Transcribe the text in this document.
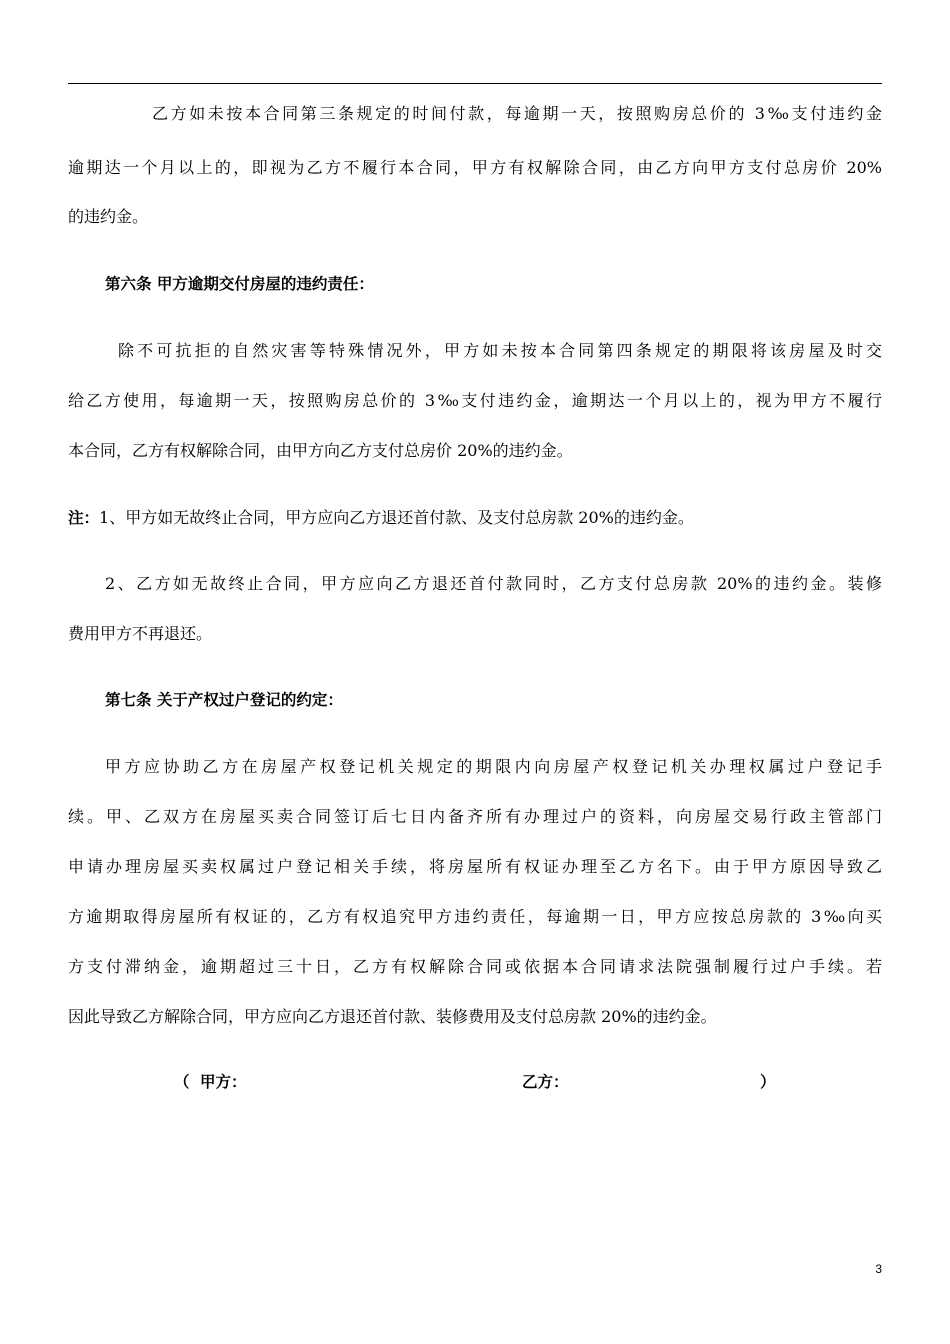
乙方如未按本合同第三条规定的时间付款，每逾期一天，按照购房总价的 3‰支付违约金
逾期达一个月以上的，即视为乙方不履行本合同，甲方有权解除合同，由乙方向甲方支付总房价 20%
的违约金。
第六条 甲方逾期交付房屋的违约责任：
除不可抗拒的自然灾害等特殊情况外，甲方如未按本合同第四条规定的期限将该房屋及时交
给乙方使用，每逾期一天，按照购房总价的 3‰支付违约金，逾期达一个月以上的，视为甲方不履行
本合同，乙方有权解除合同，由甲方向乙方支付总房价 20%的违约金。
注：1、甲方如无故终止合同，甲方应向乙方退还首付款、及支付总房款 20%的违约金。
2、乙方如无故终止合同，甲方应向乙方退还首付款同时，乙方支付总房款 20%的违约金。装修
费用甲方不再退还。
第七条 关于产权过户登记的约定：
甲方应协助乙方在房屋产权登记机关规定的期限内向房屋产权登记机关办理权属过户登记手
续。甲、乙双方在房屋买卖合同签订后七日内备齐所有办理过户的资料，向房屋交易行政主管部门
申请办理房屋买卖权属过户登记相关手续，将房屋所有权证办理至乙方名下。由于甲方原因导致乙
方逾期取得房屋所有权证的，乙方有权追究甲方违约责任，每逾期一日，甲方应按总房款的 3‰向买
方支付滞纳金，逾期超过三十日，乙方有权解除合同或依据本合同请求法院强制履行过户手续。若
因此导致乙方解除合同，甲方应向乙方退还首付款、装修费用及支付总房款 20%的违约金。
（ 甲方：	乙方：	）
3
